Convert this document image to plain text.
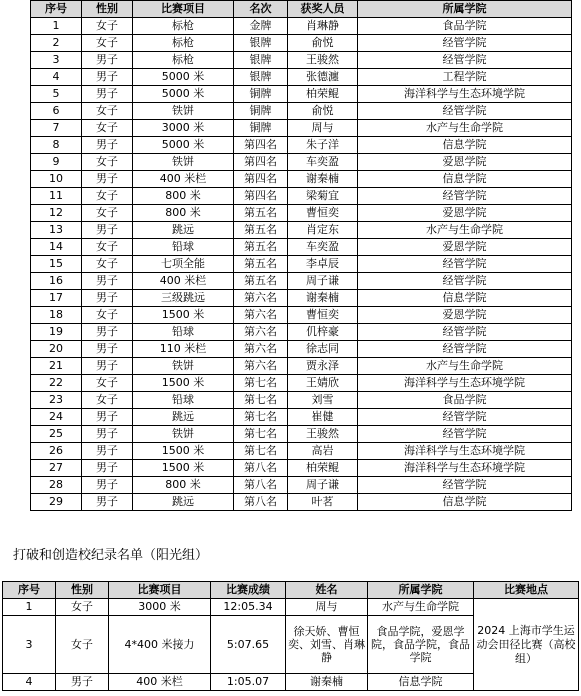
序号	性别	比赛项目	名次	获奖人员	所属学院
1	女子	标枪	金牌	肖琳静	食品学院
2	女子	标枪	银牌	俞悦	经管学院
3	男子	标枪	银牌	王骏然	经管学院
4	男子	5000 米	银牌	张德瀍	工程学院
5	男子	5000 米	铜牌	柏荣鲲	海洋科学与生态环境学院
6	女子	铁饼	铜牌	俞悦	经管学院
7	女子	3000 米	铜牌	周与	水产与生命学院
8	男子	5000 米	第四名	朱子洋	信息学院
9	女子	铁饼	第四名	车奕盈	爱恩学院
10	男子	400 米栏	第四名	谢秦楠	信息学院
11	女子	800 米	第四名	梁菊宜	经管学院
12	女子	800 米	第五名	曹恒奕	爱恩学院
13	男子	跳远	第五名	肖定东	水产与生命学院
14	女子	铅球	第五名	车奕盈	爱恩学院
15	女子	七项全能	第五名	李卓辰	经管学院
16	男子	400 米栏	第五名	周子谦	经管学院
17	男子	三级跳远	第六名	谢秦楠	信息学院
18	女子	1500 米	第六名	曹恒奕	爱恩学院
19	男子	铅球	第六名	仉梓豪	经管学院
20	男子	110 米栏	第六名	徐志同	经管学院
21	男子	铁饼	第六名	贾永泽	水产与生命学院
22	女子	1500 米	第七名	王婧欣	海洋科学与生态环境学院
23	女子	铅球	第七名	刘雪	食品学院
24	男子	跳远	第七名	崔健	经管学院
25	男子	铁饼	第七名	王骏然	经管学院
26	男子	1500 米	第七名	高岩	海洋科学与生态环境学院
27	男子	1500 米	第八名	柏荣鲲	海洋科学与生态环境学院
28	男子	800 米	第八名	周子谦	经管学院
29	男子	跳远	第八名	叶茗	信息学院
打破和创造校纪录名单（阳光组）
序号	性别	比赛项目	比赛成绩	姓名	所属学院	比赛地点
1	女子	3000 米	12:05.34	周与	水产与生命学院	2024 上海市学生运动会田径比赛（高校组）
3	女子	4*400 米接力	5:07.65	徐天娇、曹恒奕、刘雪、肖琳静	食品学院，爱恩学院，食品学院，食品学院	
4	男子	400 米栏	1:05.07	谢秦楠	信息学院	
